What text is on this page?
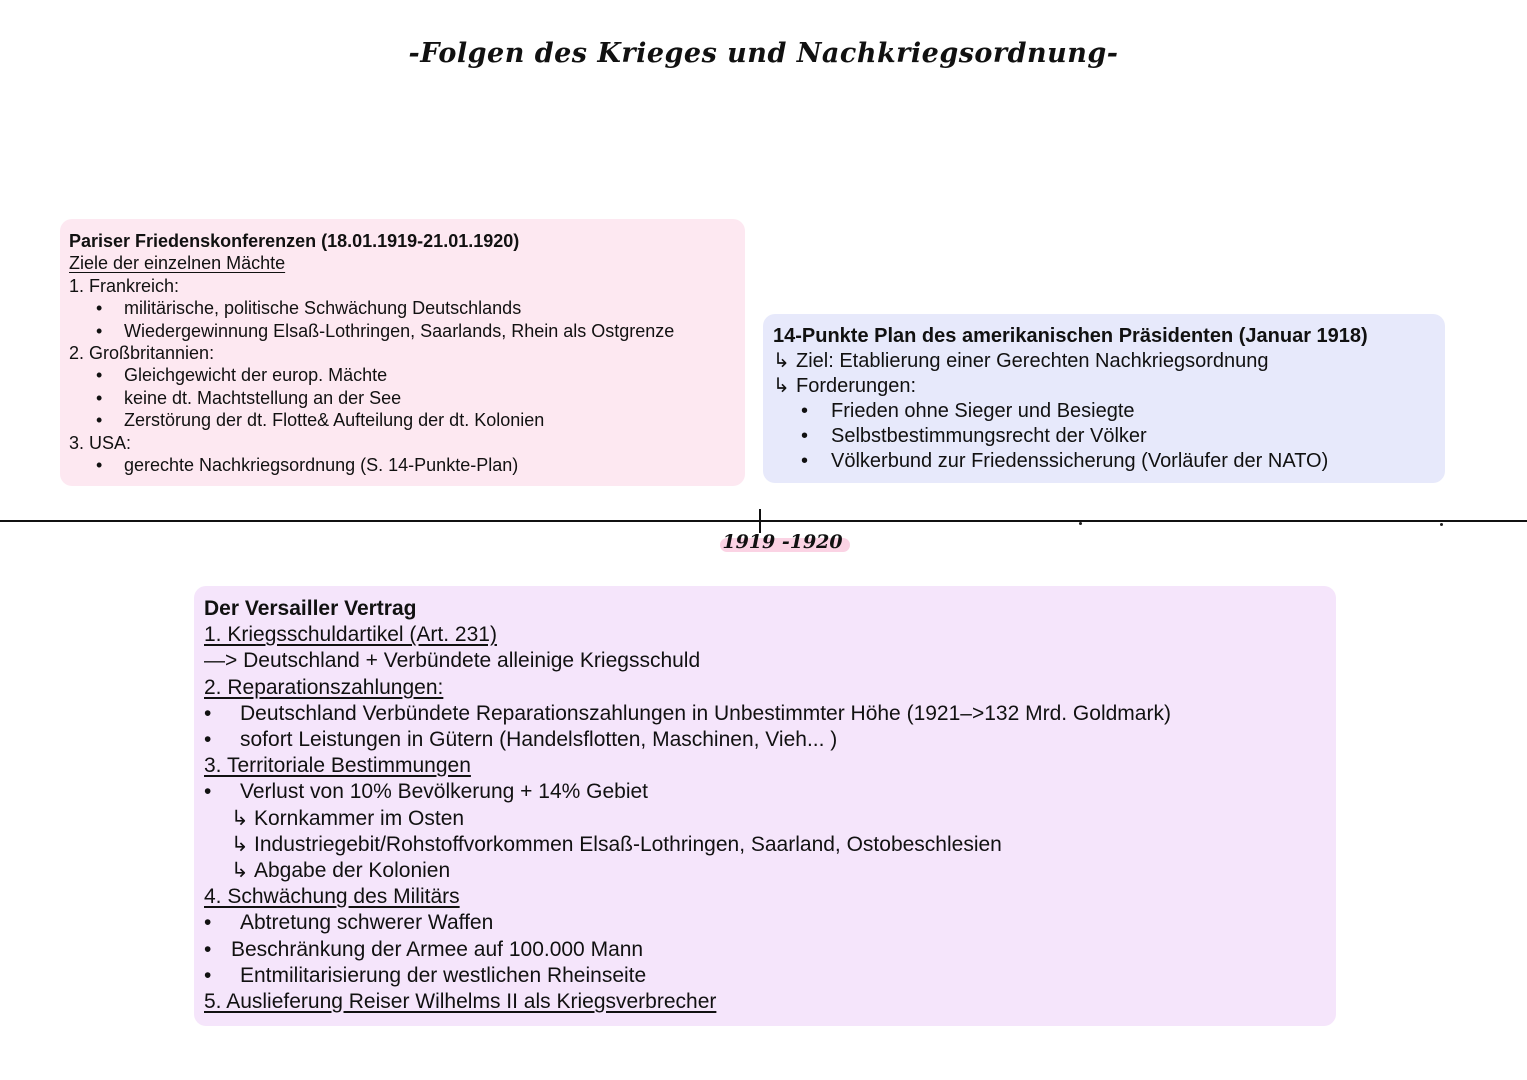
-Folgen des Krieges und Nachkriegsordnung-
Pariser Friedenskonferenzen (18.01.1919-21.01.1920)
Ziele der einzelnen Mächte
1. Frankreich:
• militärische, politische Schwächung Deutschlands
• Wiedergewinnung Elsaß-Lothringen, Saarlands, Rhein als Ostgrenze
2. Großbritannien:
• Gleichgewicht der europ. Mächte
• keine dt. Machtstellung an der See
• Zerstörung der dt. Flotte& Aufteilung der dt. Kolonien
3. USA:
• gerechte Nachkriegsordnung (S. 14-Punkte-Plan)
14-Punkte Plan des amerikanischen Präsidenten (Januar 1918)
↳ Ziel: Etablierung einer Gerechten Nachkriegsordnung
↳ Forderungen:
• Frieden ohne Sieger und Besiegte
• Selbstbestimmungsrecht der Völker
• Völkerbund zur Friedenssicherung (Vorläufer der NATO)
1919 -1920
Der Versailler Vertrag
1. Kriegsschuldartikel (Art. 231)
—> Deutschland + Verbündete alleinige Kriegsschuld
2. Reparationszahlungen:
• Deutschland Verbündete Reparationszahlungen in Unbestimmter Höhe (1921–>132 Mrd. Goldmark)
• sofort Leistungen in Gütern (Handelsflotten, Maschinen, Vieh... )
3. Territoriale Bestimmungen
• Verlust von 10% Bevölkerung + 14% Gebiet
↳ Kornkammer im Osten
↳ Industriegebit/Rohstoffvorkommen Elsaß-Lothringen, Saarland, Ostobeschlesien
↳ Abgabe der Kolonien
4. Schwächung des Militärs
• Abtretung schwerer Waffen
• Beschränkung der Armee auf 100.000 Mann
• Entmilitarisierung der westlichen Rheinseite
5. Auslieferung Reiser Wilhelms II als Kriegsverbrecher
